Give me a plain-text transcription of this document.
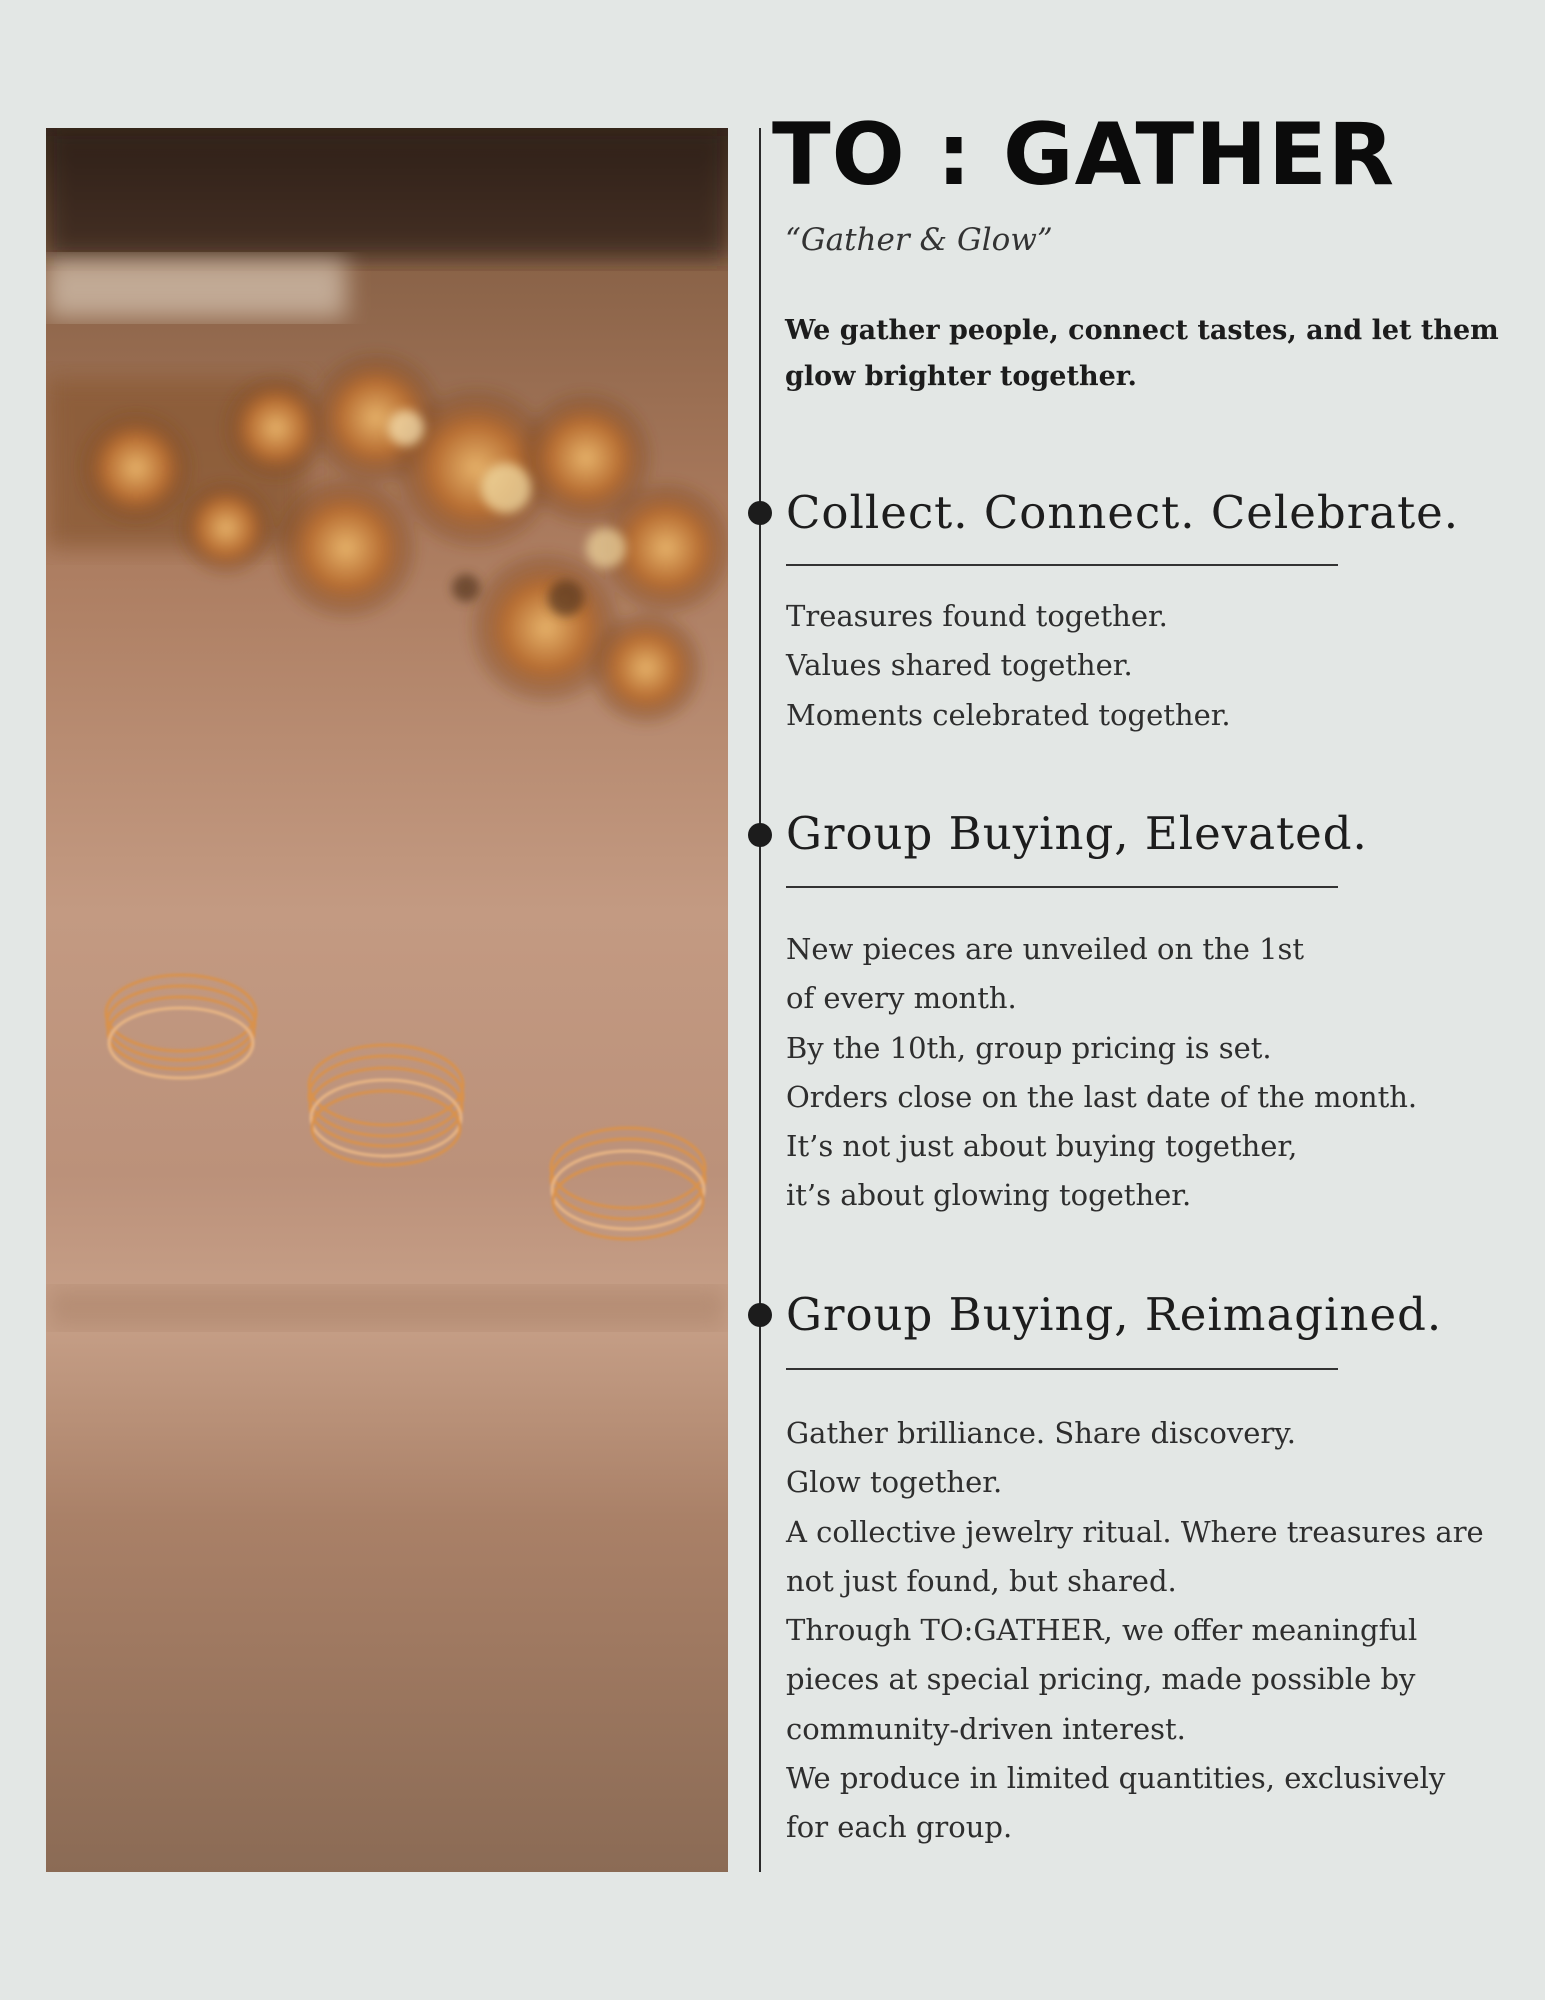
TO : GATHER
“Gather & Glow”
We gather people, connect tastes, and let them glow brighter together.
Collect. Connect. Celebrate.
Treasures found together.
Values shared together.
Moments celebrated together.
Group Buying, Elevated.
New pieces are unveiled on the 1st
of every month.
By the 10th, group pricing is set.
Orders close on the last date of the month.
It’s not just about buying together,
it’s about glowing together.
Group Buying, Reimagined.
Gather brilliance. Share discovery.
Glow together.
A collective jewelry ritual. Where treasures are
not just found, but shared.
Through TO:GATHER, we offer meaningful
pieces at special pricing, made possible by
community-driven interest.
We produce in limited quantities, exclusively
for each group.
